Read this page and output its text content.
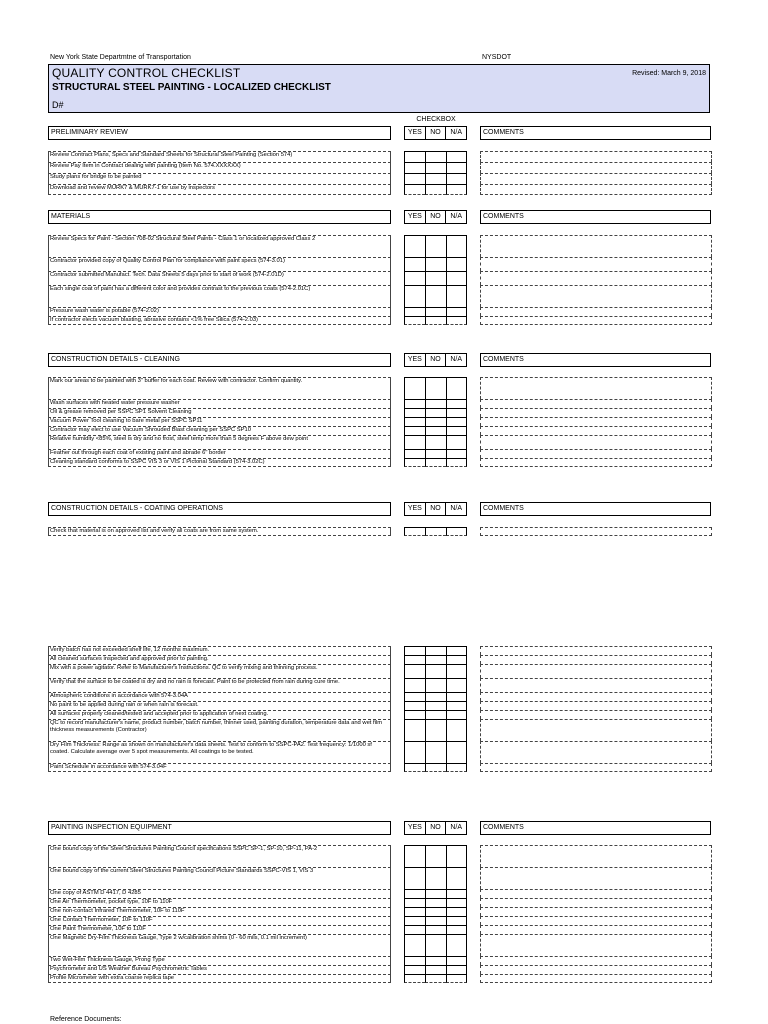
New York State Departmtne of Transportation	NYSDOT
QUALITY CONTROL CHECKLIST
STRUCTURAL STEEL PAINTING - LOCALIZED CHECKLIST
D#
Revised: March 9, 2018
CHECKBOX
PRELIMINARY REVIEW	YES	NO	N/A	COMMENTS
Review Contract Plans, Specs and Standard Sheets for Structural Steel Painting (Section 574)
Review Pay Item in Contract dealing with painting (Item No. 574.XXXXXX)
Study plans for bridge to be painted
Download and review MURK7 & MURK7-1 for use by inspectors
MATERIALS	YES	NO	N/A	COMMENTS
Review Specs for Paint - Section 708-02 Structural Steel Paints - Class 1 or localized approved Class 2
Contractor provided copy of Quality Control Plan for compliance with paint specs (574-3.01)
Contractor submitted Manufact. Tech. Data Sheets 5 days prior to start of work (574-2.01D)
Each single coat of paint has a different color and provides contrast to the previous coats (574-2.01C)
Pressure wash water is potable (574-2.02)
If contractor elects vacuum blasting, abrasive contains <1% free Silica (574-2.03)
CONSTRUCTION DETAILS - CLEANING	YES	NO	N/A	COMMENTS
Mark our areas to be painted with 3" buffer for each coat. Review with contractor. Confirm quantity.
Wash surfaces with heated water pressure washer
Oil & grease removed per SSPC SP1 Solvent Cleaning
Vacuum Power Tool cleaning to bare metal per SSPC SP11
Contractor may elect to use Vacuum Shrouded Blast cleaning per SSPC SP10
Relative humidity <85%, steel is dry and no frost, steel temp more than 5 degrees F above dew point
Feather out through each coat of existing paint and abrade 6" border
Cleaning standard conforms to SSPC VIS 3 or VIS 1 Pictorial Standard (574-3.02C)
CONSTRUCTION DETAILS - COATING OPERATIONS	YES	NO	N/A	COMMENTS
Check that material is on approved list and verify all coats are from same system.
Verify batch has not exceeded shelf life, 12 months maximum.
All cleaned surfaces inspected and approved prior to painting.
Mix with a power agitator. Refer to Manufacturer's Instructions. QC to verify mixing and thinning process.
Verify that the surface to be coated is dry and no rain is forecast. Paint to be protected from rain during cure time.
Atmospheric conditions in accordance with 574-3.04A
No paint to be applied during rain or when rain is forecast.
All surfaces properly cleaned/tested and accepted prior to application of next coating.
QC to record manufacturer's name, product number, batch number, thinner used, painting duration, temperature data and wet film thickness measurements (Contractor)
Dry Film Thickness: Range as shown on manufacturer's data sheets. Test to conform to SSPC-PA2. Test frequency: 1/1000 sf coated. Calculate average over 5 spot measurements. All coatings to be tested.
Paint Schedule in accordance with 574-3.04F
PAINTING INSPECTION EQUIPMENT	YES	NO	N/A	COMMENTS
One bound copy of the Steel Structures Painting Council specifications SSPC SP-1, SP-10, SP-11, PA-2
One bound copy of the current Steel Structures Painting Council Picture Standards SSPC-VIS 1, VIS 3
One copy of ASTM D 4417, D 4285
One Air Thermometer, pocket type, 10F to 110F
One non-contact Infrared Thermometer, 10F to 110F
One Contact Thermometer, 10F to 110F
One Paint Thermometer, 10F to 110F
One Magnetic Dry-Film Thickness Gauge, Type 2 w/calibration shims (0 - 60 mils, 0.1 mil increment)
Two Wet-Film Thickness Gauge, Prong Type
Psychrometer and US Weather Bureau Psychrometric Tables
Profile Micrometer with extra coarse replica tape
Reference Documents:
